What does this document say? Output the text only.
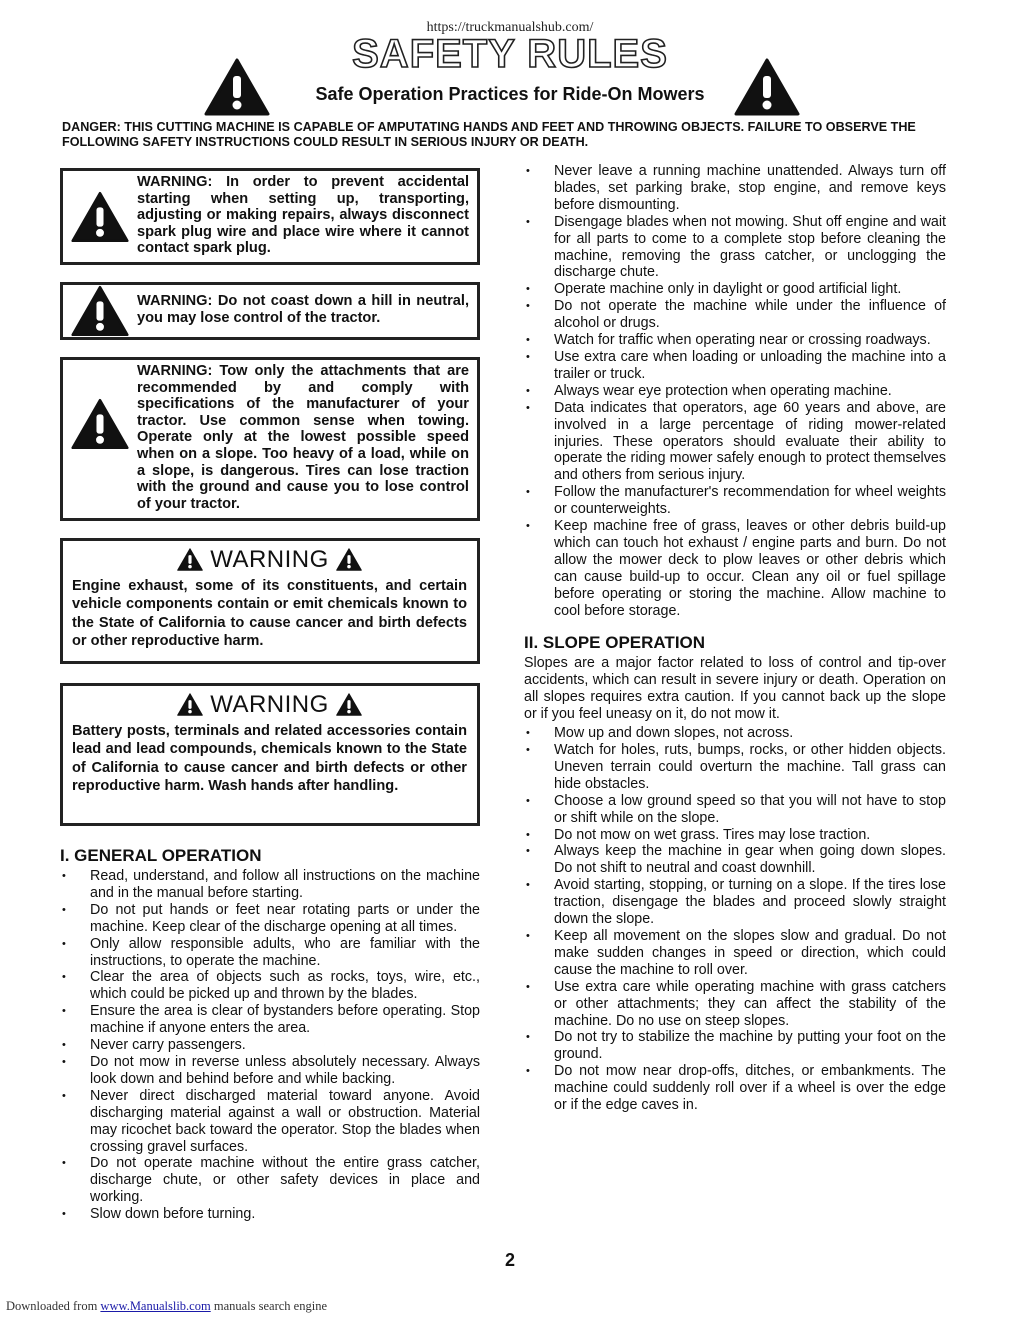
https://truckmanualshub.com/
SAFETY RULES
Safe Operation Practices for Ride-On Mowers
DANGER: THIS CUTTING MACHINE IS CAPABLE OF AMPUTATING HANDS AND FEET AND THROWING OBJECTS. FAILURE TO OBSERVE THE FOLLOWING SAFETY INSTRUCTIONS COULD RESULT IN SERIOUS INJURY OR DEATH.
WARNING: In order to prevent accidental starting when setting up, transporting, adjusting or making repairs, always disconnect spark plug wire and place wire where it cannot contact spark plug.
WARNING: Do not coast down a hill in neutral, you may lose control of the tractor.
WARNING: Tow only the attachments that are recommended by and comply with specifications of the manufacturer of your tractor. Use common sense when towing. Operate only at the lowest possible speed when on a slope. Too heavy of a load, while on a slope, is dangerous. Tires can lose traction with the ground and cause you to lose control of your tractor.
WARNING
Engine exhaust, some of its constituents, and certain vehicle components contain or emit chemicals known to the State of California to cause cancer and birth defects or other reproductive harm.
WARNING
Battery posts, terminals and related accessories contain lead and lead compounds, chemicals known to the State of California to cause cancer and birth defects or other reproductive harm. Wash hands after handling.
I. GENERAL OPERATION
• Read, understand, and follow all instructions on the machine and in the manual before starting.
• Do not put hands or feet near rotating parts or under the machine. Keep clear of the discharge opening at all times.
• Only allow responsible adults, who are familiar with the instructions, to operate the machine.
• Clear the area of objects such as rocks, toys, wire, etc., which could be picked up and thrown by the blades.
• Ensure the area is clear of bystanders before operating. Stop machine if anyone enters the area.
• Never carry passengers.
• Do not mow in reverse unless absolutely necessary. Always look down and behind before and while backing.
• Never direct discharged material toward anyone. Avoid discharging material against a wall or obstruction. Material may ricochet back toward the operator. Stop the blades when crossing gravel surfaces.
• Do not operate machine without the entire grass catcher, discharge chute, or other safety devices in place and working.
• Slow down before turning.
• Never leave a running machine unattended. Always turn off blades, set parking brake, stop engine, and remove keys before dismounting.
• Disengage blades when not mowing. Shut off engine and wait for all parts to come to a complete stop before cleaning the machine, removing the grass catcher, or unclogging the discharge chute.
• Operate machine only in daylight or good artificial light.
• Do not operate the machine while under the influence of alcohol or drugs.
• Watch for traffic when operating near or crossing roadways.
• Use extra care when loading or unloading the machine into a trailer or truck.
• Always wear eye protection when operating machine.
• Data indicates that operators, age 60 years and above, are involved in a large percentage of riding mower-related injuries. These operators should evaluate their ability to operate the riding mower safely enough to protect themselves and others from serious injury.
• Follow the manufacturer's recommendation for wheel weights or counterweights.
• Keep machine free of grass, leaves or other debris build-up which can touch hot exhaust / engine parts and burn. Do not allow the mower deck to plow leaves or other debris which can cause build-up to occur. Clean any oil or fuel spillage before operating or storing the machine. Allow machine to cool before storage.
II. SLOPE OPERATION
Slopes are a major factor related to loss of control and tip-over accidents, which can result in severe injury or death. Operation on all slopes requires extra caution. If you cannot back up the slope or if you feel uneasy on it, do not mow it.
• Mow up and down slopes, not across.
• Watch for holes, ruts, bumps, rocks, or other hidden objects. Uneven terrain could overturn the machine. Tall grass can hide obstacles.
• Choose a low ground speed so that you will not have to stop or shift while on the slope.
• Do not mow on wet grass. Tires may lose traction.
• Always keep the machine in gear when going down slopes. Do not shift to neutral and coast downhill.
• Avoid starting, stopping, or turning on a slope. If the tires lose traction, disengage the blades and proceed slowly straight down the slope.
• Keep all movement on the slopes slow and gradual. Do not make sudden changes in speed or direction, which could cause the machine to roll over.
• Use extra care while operating machine with grass catchers or other attachments; they can affect the stability of the machine. Do no use on steep slopes.
• Do not try to stabilize the machine by putting your foot on the ground.
• Do not mow near drop-offs, ditches, or embankments. The machine could suddenly roll over if a wheel is over the edge or if the edge caves in.
2
Downloaded from www.Manualslib.com manuals search engine
